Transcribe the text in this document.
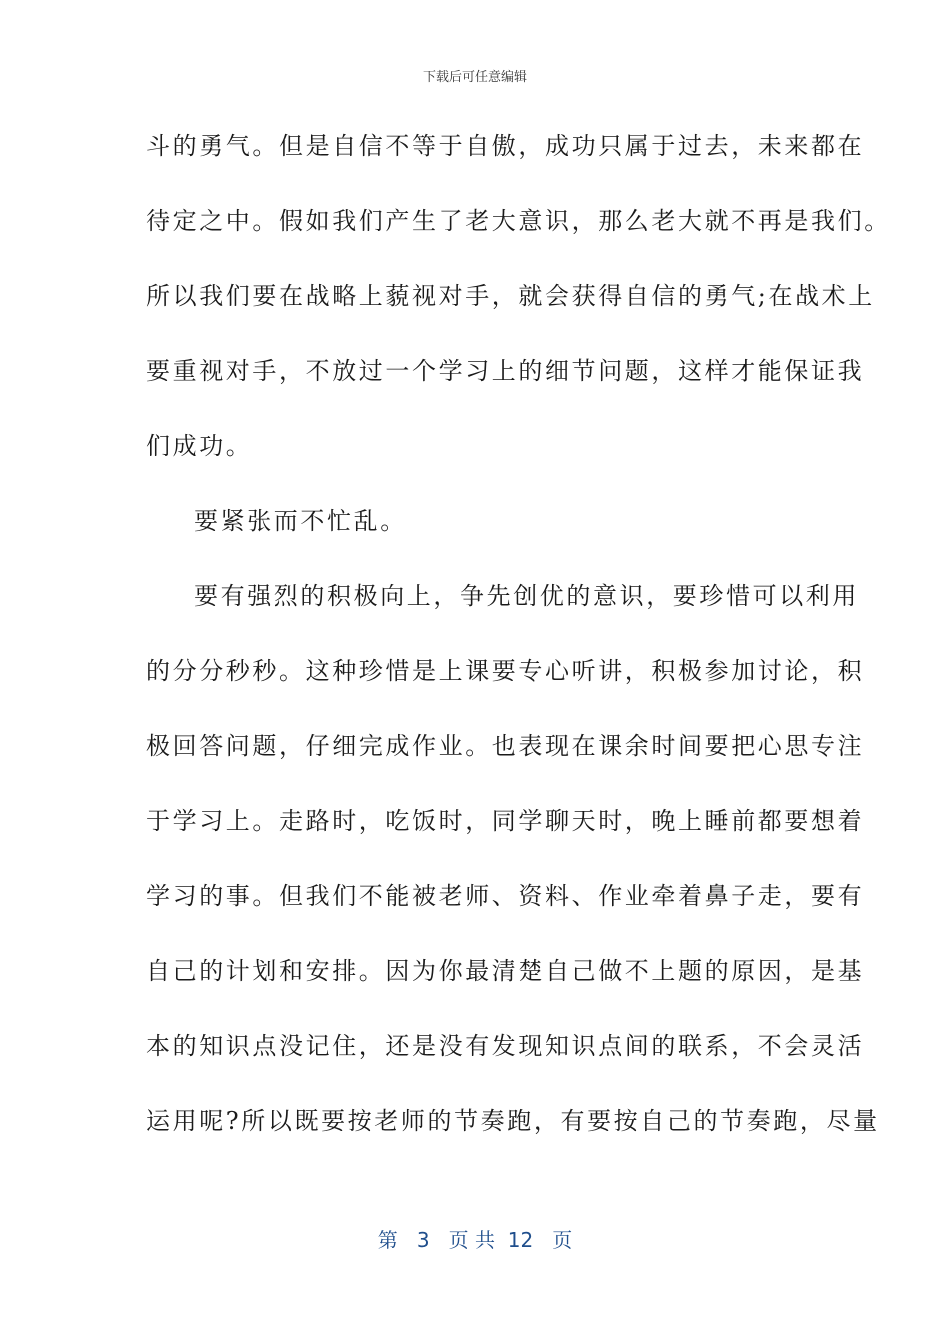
下载后可任意编辑
斗的勇气。但是自信不等于自傲，成功只属于过去，未来都在
待定之中。假如我们产生了老大意识，那么老大就不再是我们。
所以我们要在战略上藐视对手，就会获得自信的勇气;在战术上
要重视对手，不放过一个学习上的细节问题，这样才能保证我
们成功。
要紧张而不忙乱。
要有强烈的积极向上，争先创优的意识，要珍惜可以利用
的分分秒秒。这种珍惜是上课要专心听讲，积极参加讨论，积
极回答问题，仔细完成作业。也表现在课余时间要把心思专注
于学习上。走路时，吃饭时，同学聊天时，晚上睡前都要想着
学习的事。但我们不能被老师、资料、作业牵着鼻子走，要有
自己的计划和安排。因为你最清楚自己做不上题的原因，是基
本的知识点没记住，还是没有发现知识点间的联系，不会灵活
运用呢?所以既要按老师的节奏跑，有要按自己的节奏跑，尽量
第 3 页 共 12 页
